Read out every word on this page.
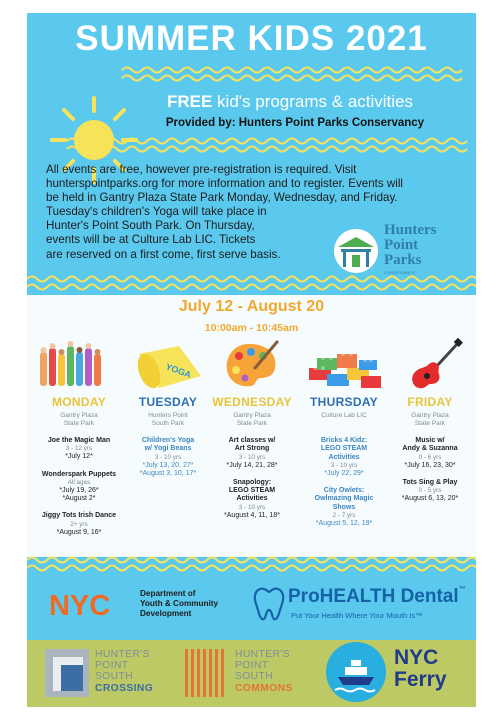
SUMMER KIDS 2021
FREE kid's programs & activities
Provided by: Hunters Point Parks Conservancy
All events are free, however pre-registration is required. Visit
hunterspointparks.org for more information and to register. Events will
be held in Gantry Plaza State Park Monday, Wednesday, and Friday.
Tuesday's children's Yoga will take place in
Hunter's Point South Park. On Thursday,
events will be at Culture Lab LIC. Tickets
are reserved on a first come, first serve basis.
Hunters
Point
Parks
CONSERVANCY
July 12 - August 20
10:00am - 10:45am
YOGA
MONDAY
Gantry Plaza
State Park
Joe the Magic Man
3 - 12 yrs
*July 12*
Wonderspark Puppets
All ages
*July 19, 26*
*August 2*
Jiggy Tots Irish Dance
2+ yrs
*August 9, 16*
TUESDAY
Hunters Point
South Park
Children's Yoga
w/ Yogi Beans
3 - 10 yrs
*July 13, 20, 27*
*August 3, 10, 17*
WEDNESDAY
Gantry Plaza
State Park
Art classes w/
Art Strong
3 - 10 yrs
*July 14, 21, 28*
Snapology:
LEGO STEAM
Activities
3 - 10 yrs
*August 4, 11, 18*
THURSDAY
Culture Lab LIC
Bricks 4 Kidz:
LEGO STEAM
Activities
3 - 10 yrs
*July 22, 29*
City Owlets:
Owlmazing Magic
Shows
2 - 7 yrs
*August 5, 12, 19*
FRIDAY
Gantry Plaza
State Park
Music w/
Andy & Suzanna
0 - 6 yrs
*July 16, 23, 30*
Tots Sing & Play
0 - 5 yrs
*August 6, 13, 20*
NYC	Department of
Youth & Community
Development
ProHEALTH Dental™
Put Your Health Where Your Mouth Is™
HUNTER'S
POINT
SOUTH
CROSSING
HUNTER'S
POINT
SOUTH
COMMONS
NYC
Ferry
